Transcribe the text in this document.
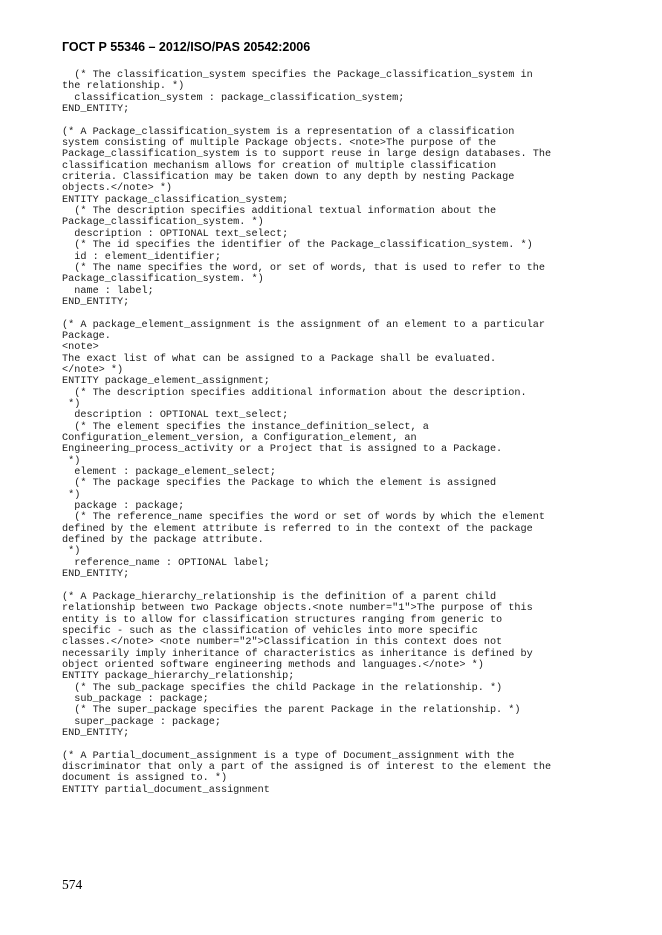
ГОСТ Р 55346 – 2012/ISO/PAS 20542:2006
(* The classification_system specifies the Package_classification_system in
the relationship. *)
classification_system : package_classification_system;
END_ENTITY;
(* A Package_classification_system is a representation of a classification
system consisting of multiple Package objects. <note>The purpose of the
Package_classification_system is to support reuse in large design databases. The
classification mechanism allows for creation of multiple classification
criteria. Classification may be taken down to any depth by nesting Package
objects.</note> *)
ENTITY package_classification_system;
(* The description specifies additional textual information about the
Package_classification_system. *)
description : OPTIONAL text_select;
(* The id specifies the identifier of the Package_classification_system. *)
id : element_identifier;
(* The name specifies the word, or set of words, that is used to refer to the
Package_classification_system. *)
name : label;
END_ENTITY;
(* A package_element_assignment is the assignment of an element to a particular
Package.
<note>
The exact list of what can be assigned to a Package shall be evaluated.
</note> *)
ENTITY package_element_assignment;
(* The description specifies additional information about the description.
*)
description : OPTIONAL text_select;
(* The element specifies the instance_definition_select, a
Configuration_element_version, a Configuration_element, an
Engineering_process_activity or a Project that is assigned to a Package.
*)
element : package_element_select;
(* The package specifies the Package to which the element is assigned
*)
package : package;
(* The reference_name specifies the word or set of words by which the element
defined by the element attribute is referred to in the context of the package
defined by the package attribute.
*)
reference_name : OPTIONAL label;
END_ENTITY;
(* A Package_hierarchy_relationship is the definition of a parent child
relationship between two Package objects.<note number="1">The purpose of this
entity is to allow for classification structures ranging from generic to
specific - such as the classification of vehicles into more specific
classes.</note> <note number="2">Classification in this context does not
necessarily imply inheritance of characteristics as inheritance is defined by
object oriented software engineering methods and languages.</note> *)
ENTITY package_hierarchy_relationship;
(* The sub_package specifies the child Package in the relationship. *)
sub_package : package;
(* The super_package specifies the parent Package in the relationship. *)
super_package : package;
END_ENTITY;
(* A Partial_document_assignment is a type of Document_assignment with the
discriminator that only a part of the assigned is of interest to the element the
document is assigned to. *)
ENTITY partial_document_assignment
574
